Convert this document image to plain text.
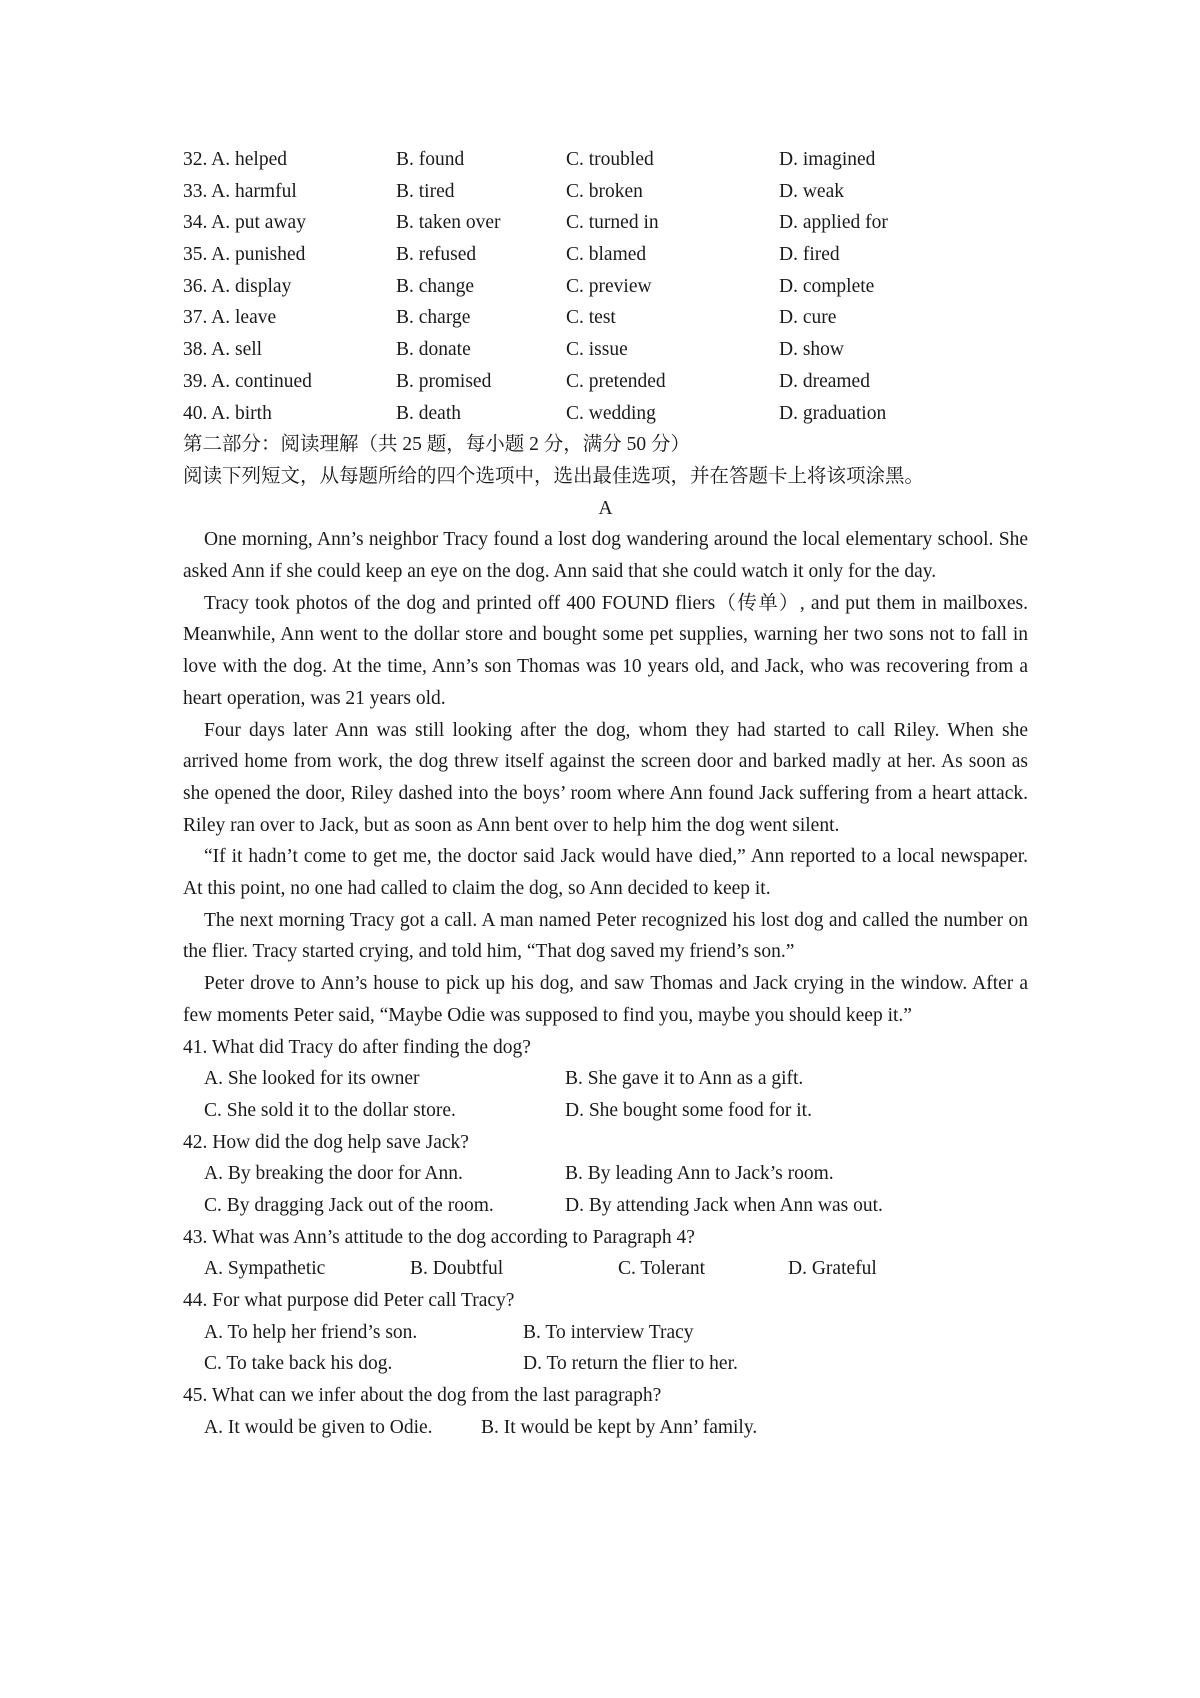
32. A. helped	B. found	C. troubled	D. imagined
33. A. harmful	B. tired	C. broken	D. weak
34. A. put away	B. taken over	C. turned in	D. applied for
35. A. punished	B. refused	C. blamed	D. fired
36. A. display	B. change	C. preview	D. complete
37. A. leave	B. charge	C. test	D. cure
38. A. sell	B. donate	C. issue	D. show
39. A. continued	B. promised	C. pretended	D. dreamed
40. A. birth	B. death	C. wedding	D. graduation
第二部分：阅读理解（共 25 题，每小题 2 分，满分 50 分）
阅读下列短文，从每题所给的四个选项中，选出最佳选项，并在答题卡上将该项涂黑。
A

One morning, Ann’s neighbor Tracy found a lost dog wandering around the local elementary school. She asked Ann if she could keep an eye on the dog. Ann said that she could watch it only for the day.

Tracy took photos of the dog and printed off 400 FOUND fliers（传单）, and put them in mailboxes. Meanwhile, Ann went to the dollar store and bought some pet supplies, warning her two sons not to fall in love with the dog. At the time, Ann’s son Thomas was 10 years old, and Jack, who was recovering from a heart operation, was 21 years old.

Four days later Ann was still looking after the dog, whom they had started to call Riley. When she arrived home from work, the dog threw itself against the screen door and barked madly at her. As soon as she opened the door, Riley dashed into the boys’ room where Ann found Jack suffering from a heart attack. Riley ran over to Jack, but as soon as Ann bent over to help him the dog went silent.

“If it hadn’t come to get me, the doctor said Jack would have died,” Ann reported to a local newspaper. At this point, no one had called to claim the dog, so Ann decided to keep it.

The next morning Tracy got a call. A man named Peter recognized his lost dog and called the number on the flier. Tracy started crying, and told him, “That dog saved my friend’s son.”

Peter drove to Ann’s house to pick up his dog, and saw Thomas and Jack crying in the window. After a few moments Peter said, “Maybe Odie was supposed to find you, maybe you should keep it.”

41. What did Tracy do after finding the dog?
A. She looked for its owner	B. She gave it to Ann as a gift.
C. She sold it to the dollar store.	D. She bought some food for it.
42. How did the dog help save Jack?
A. By breaking the door for Ann.	B. By leading Ann to Jack’s room.
C. By dragging Jack out of the room.	D. By attending Jack when Ann was out.
43. What was Ann’s attitude to the dog according to Paragraph 4?
A. Sympathetic	B. Doubtful	C. Tolerant	D. Grateful
44. For what purpose did Peter call Tracy?
A. To help her friend’s son.	B. To interview Tracy
C. To take back his dog.	D. To return the flier to her.
45. What can we infer about the dog from the last paragraph?
A. It would be given to Odie.	B. It would be kept by Ann’ family.
